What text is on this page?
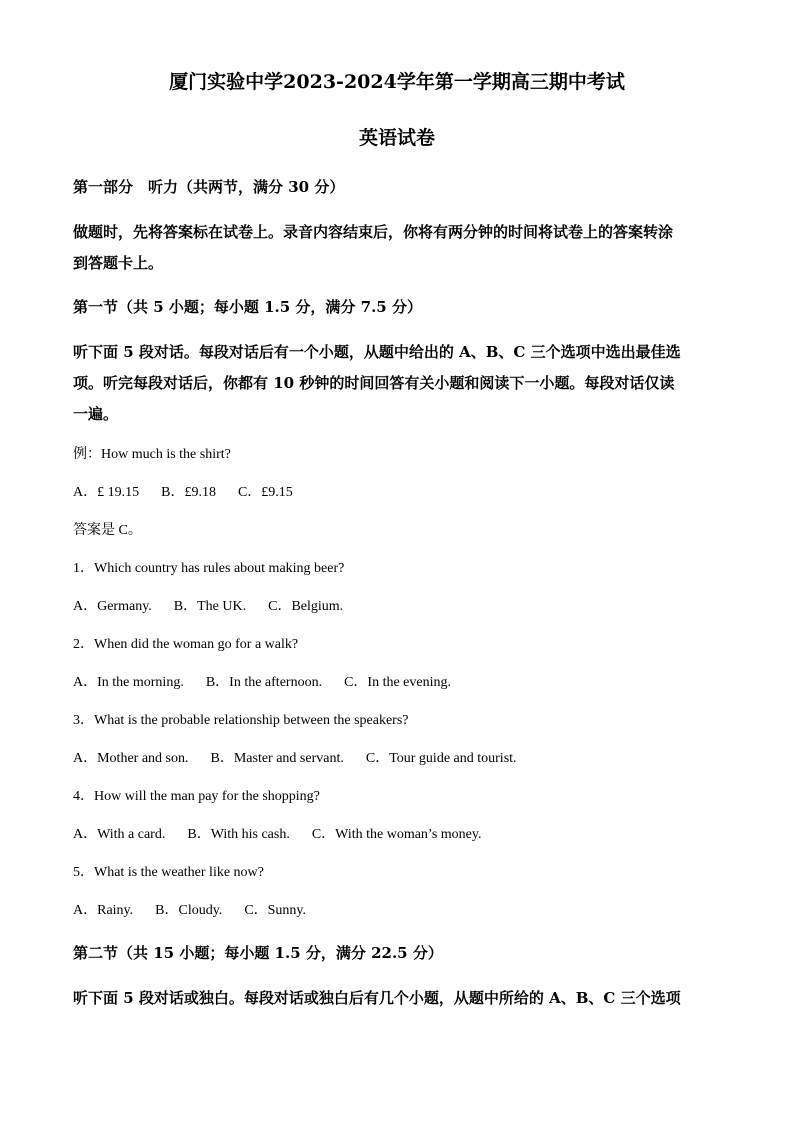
厦门实验中学2023-2024学年第一学期高三期中考试
英语试卷
第一部分　听力（共两节，满分 30 分）
做题时，先将答案标在试卷上。录音内容结束后，你将有两分钟的时间将试卷上的答案转涂
到答题卡上。
第一节（共 5 小题；每小题 1.5 分，满分 7.5 分）
听下面 5 段对话。每段对话后有一个小题，从题中给出的 A、B、C 三个选项中选出最佳选
项。听完每段对话后，你都有 10 秒钟的时间回答有关小题和阅读下一小题。每段对话仅读
一遍。
例：How much is the shirt?
A．£ 19.15 B．£9.18 C．£9.15
答案是 C。
1．Which country has rules about making beer?
A．Germany. B．The UK. C．Belgium.
2．When did the woman go for a walk?
A．In the morning. B．In the afternoon. C．In the evening.
3．What is the probable relationship between the speakers?
A．Mother and son. B．Master and servant. C．Tour guide and tourist.
4．How will the man pay for the shopping?
A．With a card. B．With his cash. C．With the woman’s money.
5．What is the weather like now?
A．Rainy. B．Cloudy. C．Sunny.
第二节（共 15 小题；每小题 1.5 分，满分 22.5 分）
听下面 5 段对话或独白。每段对话或独白后有几个小题，从题中所给的 A、B、C 三个选项
